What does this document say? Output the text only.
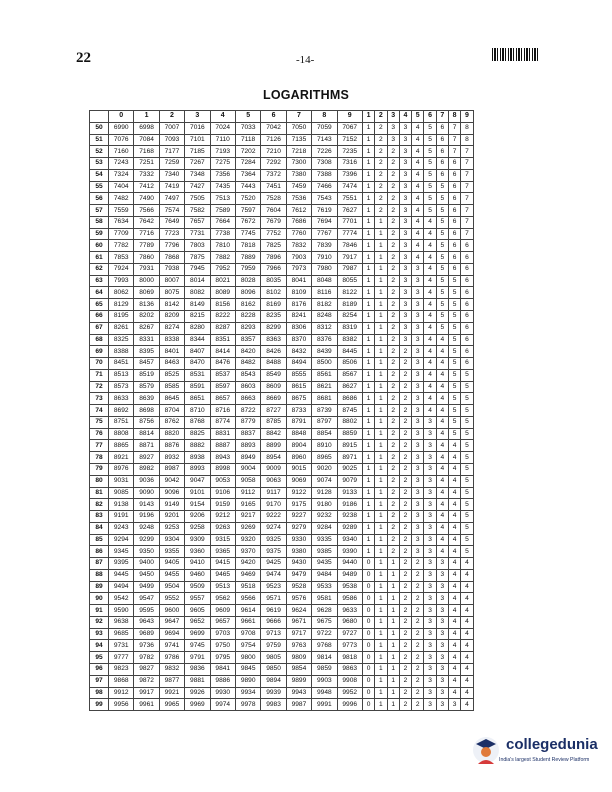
22	-14-
LOGARITHMS
	0	1	2	3	4	5	6	7	8	9	1	2	3	4	5	6	7	8	9
50	6990	6998	7007	7016	7024	7033	7042	7050	7059	7067	1	2	3	3	4	5	6	7	8
51	7076	7084	7093	7101	7110	7118	7126	7135	7143	7152	1	2	3	3	4	5	6	7	8
52	7160	7168	7177	7185	7193	7202	7210	7218	7226	7235	1	2	2	3	4	5	6	7	7
53	7243	7251	7259	7267	7275	7284	7292	7300	7308	7316	1	2	2	3	4	5	6	6	7
54	7324	7332	7340	7348	7356	7364	7372	7380	7388	7396	1	2	2	3	4	5	6	6	7
55	7404	7412	7419	7427	7435	7443	7451	7459	7466	7474	1	2	2	3	4	5	5	6	7
56	7482	7490	7497	7505	7513	7520	7528	7536	7543	7551	1	2	2	3	4	5	5	6	7
57	7559	7566	7574	7582	7589	7597	7604	7612	7619	7627	1	2	2	3	4	5	5	6	7
58	7634	7642	7649	7657	7664	7672	7679	7686	7694	7701	1	1	2	3	4	4	5	6	7
59	7709	7716	7723	7731	7738	7745	7752	7760	7767	7774	1	1	2	3	4	4	5	6	7
60	7782	7789	7796	7803	7810	7818	7825	7832	7839	7846	1	1	2	3	4	4	5	6	6
61	7853	7860	7868	7875	7882	7889	7896	7903	7910	7917	1	1	2	3	4	4	5	6	6
62	7924	7931	7938	7945	7952	7959	7966	7973	7980	7987	1	1	2	3	3	4	5	6	6
63	7993	8000	8007	8014	8021	8028	8035	8041	8048	8055	1	1	2	3	3	4	5	5	6
64	8062	8069	8075	8082	8089	8096	8102	8109	8116	8122	1	1	2	3	3	4	5	5	6
65	8129	8136	8142	8149	8156	8162	8169	8176	8182	8189	1	1	2	3	3	4	5	5	6
66	8195	8202	8209	8215	8222	8228	8235	8241	8248	8254	1	1	2	3	3	4	5	5	6
67	8261	8267	8274	8280	8287	8293	8299	8306	8312	8319	1	1	2	3	3	4	5	5	6
68	8325	8331	8338	8344	8351	8357	8363	8370	8376	8382	1	1	2	3	3	4	4	5	6
69	8388	8395	8401	8407	8414	8420	8426	8432	8439	8445	1	1	2	2	3	4	4	5	6
70	8451	8457	8463	8470	8476	8482	8488	8494	8500	8506	1	1	2	2	3	4	4	5	6
71	8513	8519	8525	8531	8537	8543	8549	8555	8561	8567	1	1	2	2	3	4	4	5	5
72	8573	8579	8585	8591	8597	8603	8609	8615	8621	8627	1	1	2	2	3	4	4	5	5
73	8633	8639	8645	8651	8657	8663	8669	8675	8681	8686	1	1	2	2	3	4	4	5	5
74	8692	8698	8704	8710	8716	8722	8727	8733	8739	8745	1	1	2	2	3	4	4	5	5
75	8751	8756	8762	8768	8774	8779	8785	8791	8797	8802	1	1	2	2	3	3	4	5	5
76	8808	8814	8820	8825	8831	8837	8842	8848	8854	8859	1	1	2	2	3	3	4	5	5
77	8865	8871	8876	8882	8887	8893	8899	8904	8910	8915	1	1	2	2	3	3	4	4	5
78	8921	8927	8932	8938	8943	8949	8954	8960	8965	8971	1	1	2	2	3	3	4	4	5
79	8976	8982	8987	8993	8998	9004	9009	9015	9020	9025	1	1	2	2	3	3	4	4	5
80	9031	9036	9042	9047	9053	9058	9063	9069	9074	9079	1	1	2	2	3	3	4	4	5
81	9085	9090	9096	9101	9106	9112	9117	9122	9128	9133	1	1	2	2	3	3	4	4	5
82	9138	9143	9149	9154	9159	9165	9170	9175	9180	9186	1	1	2	2	3	3	4	4	5
83	9191	9196	9201	9206	9212	9217	9222	9227	9232	9238	1	1	2	2	3	3	4	4	5
84	9243	9248	9253	9258	9263	9269	9274	9279	9284	9289	1	1	2	2	3	3	4	4	5
85	9294	9299	9304	9309	9315	9320	9325	9330	9335	9340	1	1	2	2	3	3	4	4	5
86	9345	9350	9355	9360	9365	9370	9375	9380	9385	9390	1	1	2	2	3	3	4	4	5
87	9395	9400	9405	9410	9415	9420	9425	9430	9435	9440	0	1	1	2	2	3	3	4	4
88	9445	9450	9455	9460	9465	9469	9474	9479	9484	9489	0	1	1	2	2	3	3	4	4
89	9494	9499	9504	9509	9513	9518	9523	9528	9533	9538	0	1	1	2	2	3	3	4	4
90	9542	9547	9552	9557	9562	9566	9571	9576	9581	9586	0	1	1	2	2	3	3	4	4
91	9590	9595	9600	9605	9609	9614	9619	9624	9628	9633	0	1	1	2	2	3	3	4	4
92	9638	9643	9647	9652	9657	9661	9666	9671	9675	9680	0	1	1	2	2	3	3	4	4
93	9685	9689	9694	9699	9703	9708	9713	9717	9722	9727	0	1	1	2	2	3	3	4	4
94	9731	9736	9741	9745	9750	9754	9759	9763	9768	9773	0	1	1	2	2	3	3	4	4
95	9777	9782	9786	9791	9795	9800	9805	9809	9814	9818	0	1	1	2	2	3	3	4	4
96	9823	9827	9832	9836	9841	9845	9850	9854	9859	9863	0	1	1	2	2	3	3	4	4
97	9868	9872	9877	9881	9886	9890	9894	9899	9903	9908	0	1	1	2	2	3	3	4	4
98	9912	9917	9921	9926	9930	9934	9939	9943	9948	9952	0	1	1	2	2	3	3	4	4
99	9956	9961	9965	9969	9974	9978	9983	9987	9991	9996	0	1	1	2	2	3	3	3	4
collegedunia
India's largest Student Review Platform
